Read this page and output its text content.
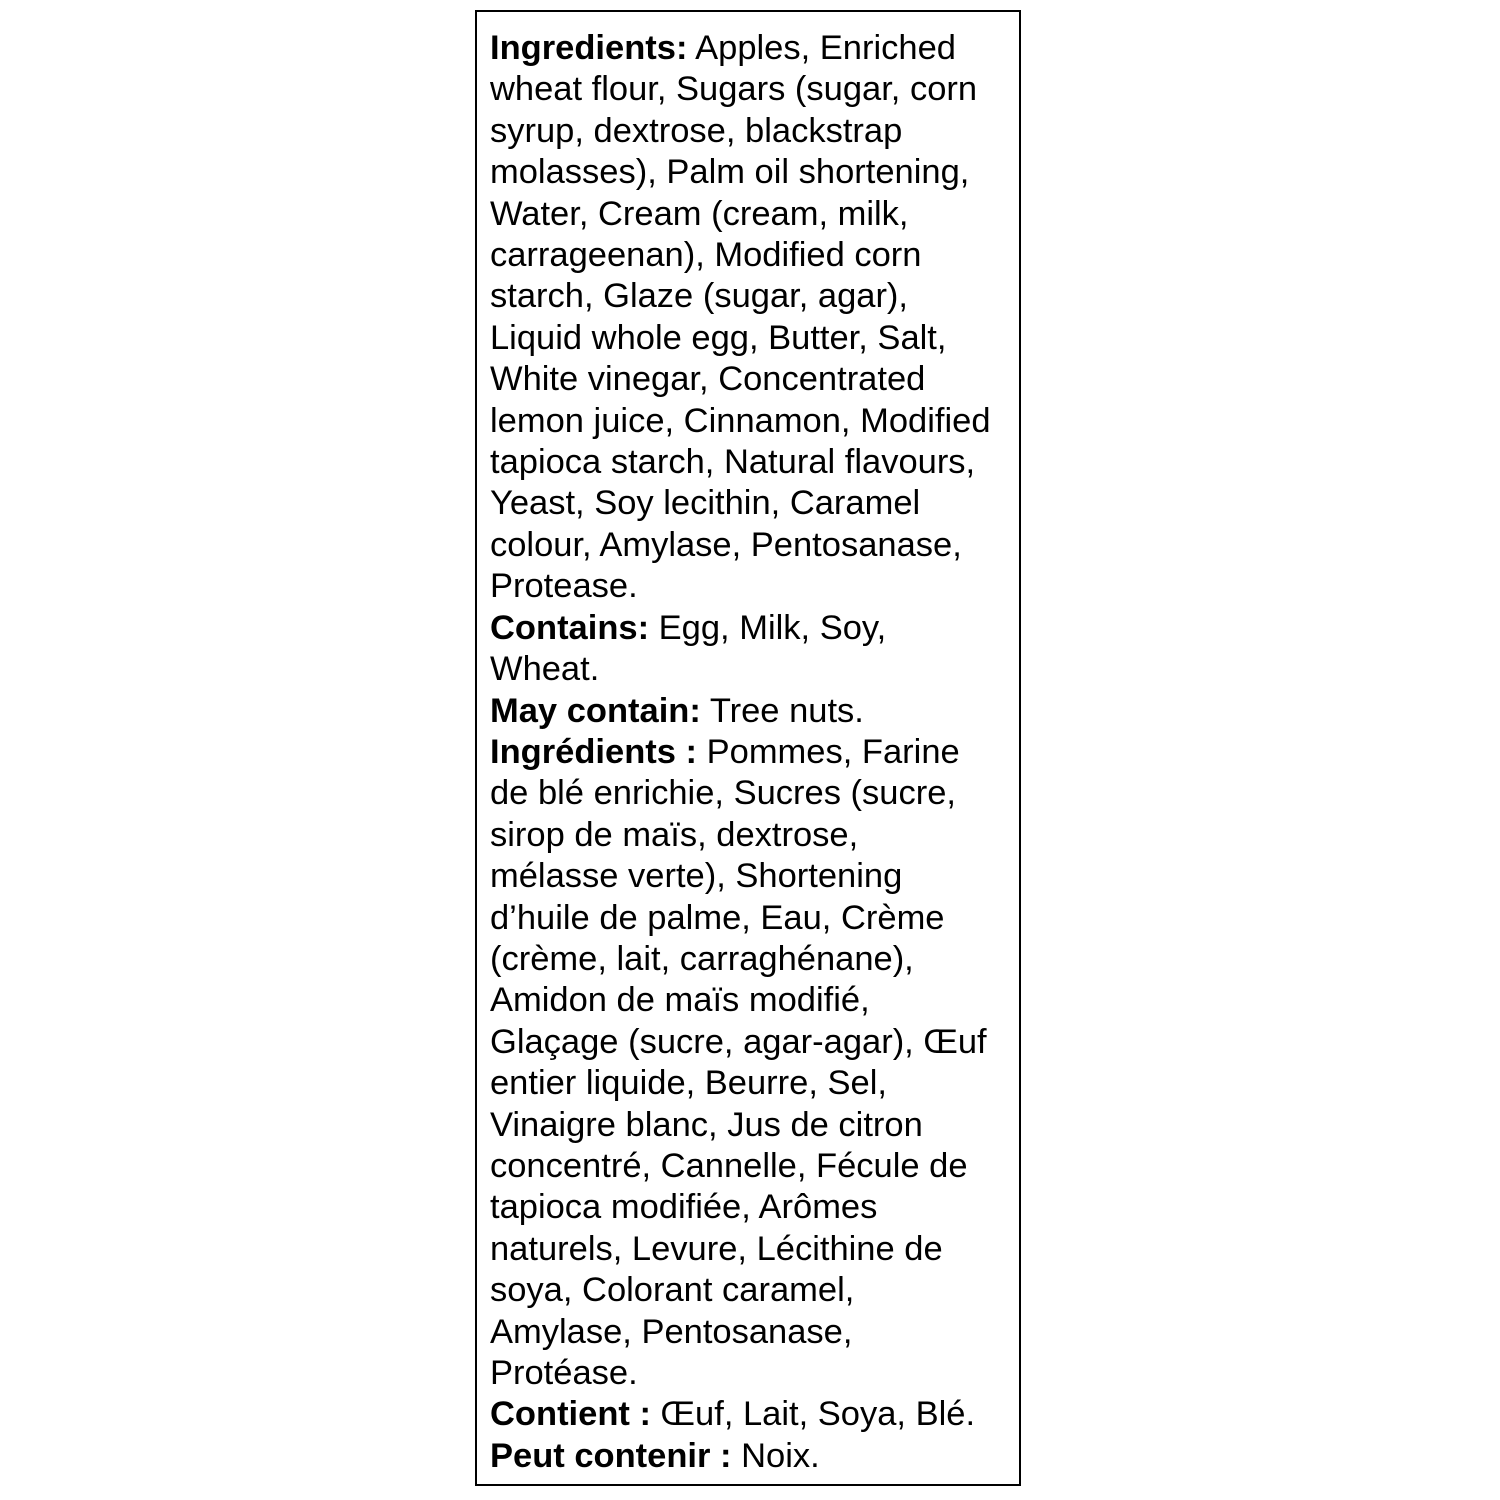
Ingredients: Apples, Enriched
wheat flour, Sugars (sugar, corn
syrup, dextrose, blackstrap
molasses), Palm oil shortening,
Water, Cream (cream, milk,
carrageenan), Modified corn
starch, Glaze (sugar, agar),
Liquid whole egg, Butter, Salt,
White vinegar, Concentrated
lemon juice, Cinnamon, Modified
tapioca starch, Natural flavours,
Yeast, Soy lecithin, Caramel
colour, Amylase, Pentosanase,
Protease.
Contains: Egg, Milk, Soy,
Wheat.
May contain: Tree nuts.
Ingrédients : Pommes, Farine
de blé enrichie, Sucres (sucre,
sirop de maïs, dextrose,
mélasse verte), Shortening
d’huile de palme, Eau, Crème
(crème, lait, carraghénane),
Amidon de maïs modifié,
Glaçage (sucre, agar-agar), Œuf
entier liquide, Beurre, Sel,
Vinaigre blanc, Jus de citron
concentré, Cannelle, Fécule de
tapioca modifiée, Arômes
naturels, Levure, Lécithine de
soya, Colorant caramel,
Amylase, Pentosanase,
Protéase.
Contient : Œuf, Lait, Soya, Blé.
Peut contenir : Noix.
